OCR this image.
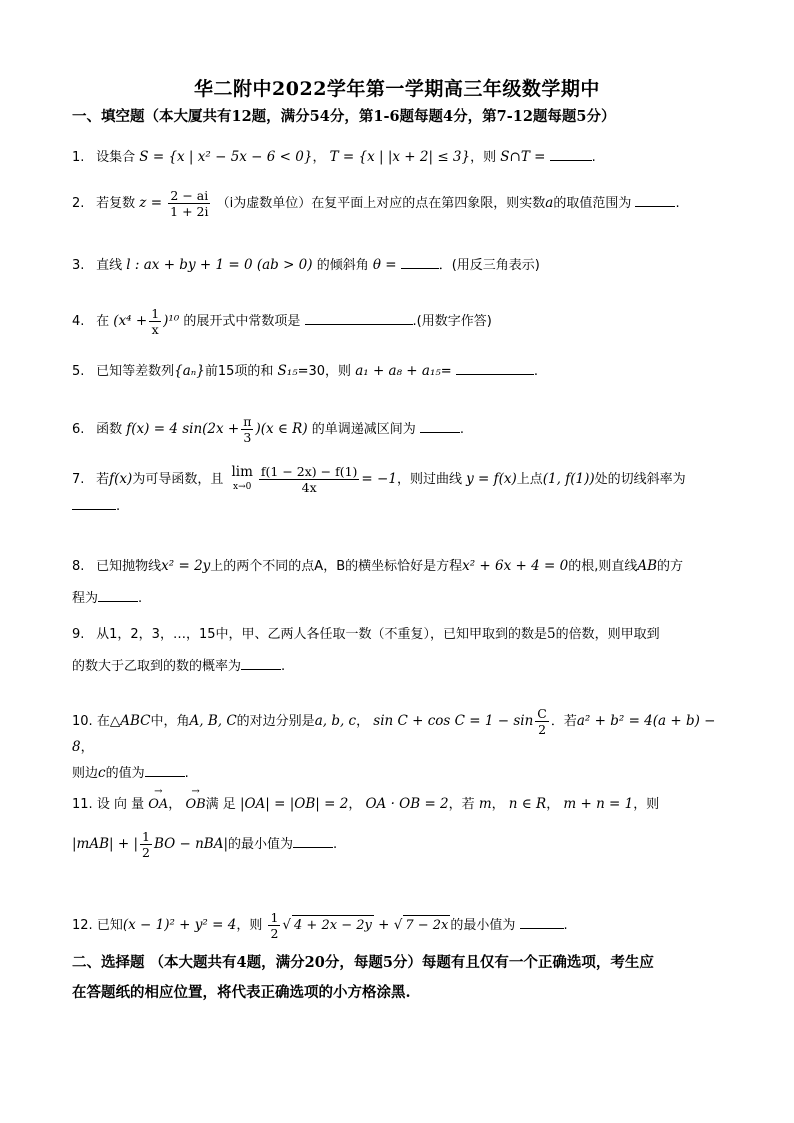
华二附中2022学年第一学期高三年级数学期中
一、填空题（本大厦共有12题，满分54分，第1-6题每题4分，第7-12题每题5分）
1. 设集合 S = {x | x² − 5x − 6 < 0}， T = {x | |x + 2| ≤ 3}，则 S∩T =	.
2. 若复数 $z = \frac{2 - ai}{1 + 2i} (i$为虚数单位）在复平面上对应的点在第四象限，则实数a的取值范围为	.
3. 直线 l : ax + by + 1 = 0 (ab > 0) 的倾斜角 θ =	．(用反三角表示)
4. 在 $(x^4 + \frac{1}{x} )^{10}$ 的展开式中常数项是	.(用数字作答)
5. 已知等差数列{aₙ}前15项的和 S₁₅=30，则 a₁ + a₈ + a₁₅=	.
6. 函数 f(x) = 4 $\sin(2x + \frac{\pi}{3} )(x$ ∈ R) 的单调递减区间为	.
7. 若f(x)为可导函数，且 lim
$x\to 0 \frac{f(1 - 2x) - f(1)}{4x} = -1$，则过曲线 y = f(x)上点(1, f(1))处的切线斜率为
.
8. 已知抛物线x² = 2y上的两个不同的点A，B的横坐标恰好是方程x² + 6x + 4 = 0的根,则直线AB的方
程为	.
9. 从1，2，3，…，15中，甲、乙两人各任取一数（不重复），已知甲取到的数是5的倍数，则甲取到
的数大于乙取到的数的概率为	.
10. 在△ABC中，角A, B, C的对边分别是a, b, c， $\sin C + \cos C = 1 - \sin \frac{C}{2}$ ．若a² + b² = 4(a + b) − 8，
则边c的值为	.
11. 设 向 量 → OA， → OB满 足 |OA| = |OB| = 2， OA · OB = 2，若 m， n ∈ R， m + n = 1，则
|mAB| + | $\frac{1}{2}$ BO − nBA|的最小值为	.
12. 已知(x − 1)² + y² = 4，则 $\frac{1}{2}$ √ 4 + 2x − 2y + √ 7 − 2x 的最小值为	.
二、选择题 （本大题共有4题，满分20分，每题5分）每题有且仅有一个正确选项，考生应
在答题纸的相应位置，将代表正确选项的小方格涂黑.
